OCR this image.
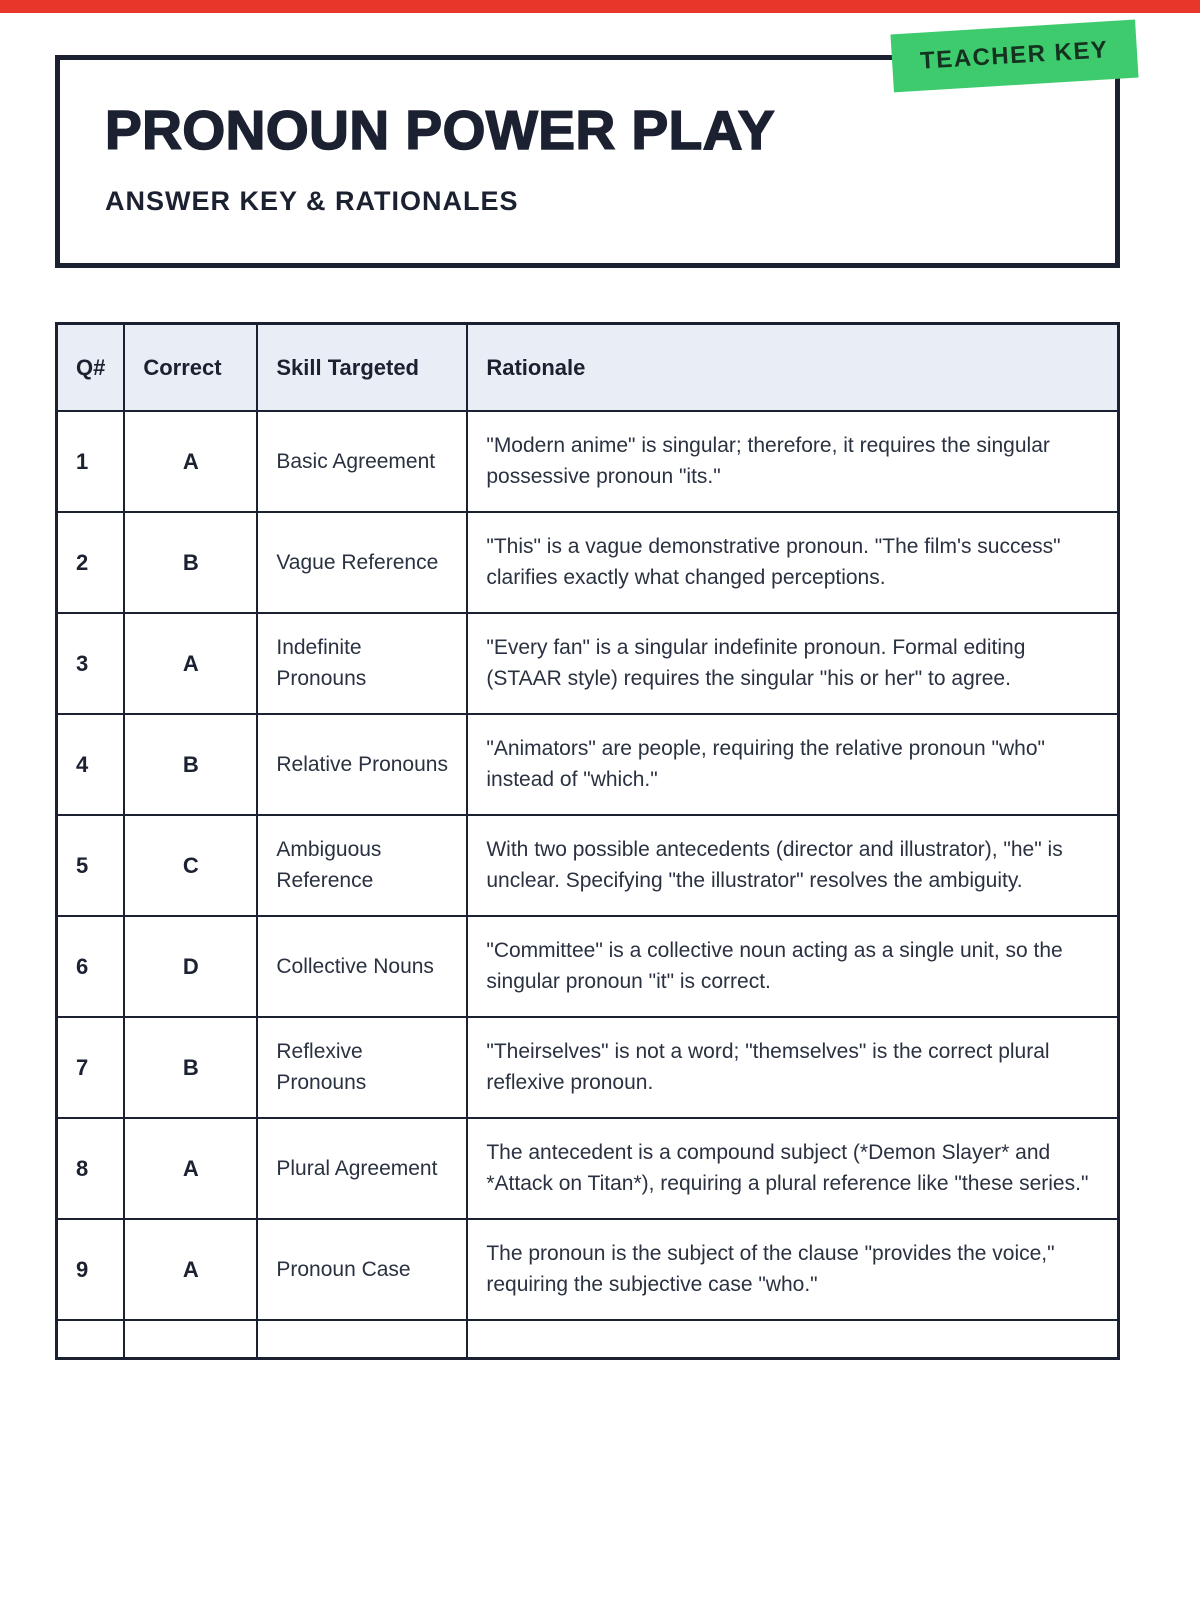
TEACHER KEY
PRONOUN POWER PLAY
ANSWER KEY & RATIONALES
Q#	Correct	Skill Targeted	Rationale
1	A	Basic Agreement	"Modern anime" is singular; therefore, it requires the singular possessive pronoun "its."
2	B	Vague Reference	"This" is a vague demonstrative pronoun. "The film's success" clarifies exactly what changed perceptions.
3	A	Indefinite Pronouns	"Every fan" is a singular indefinite pronoun. Formal editing (STAAR style) requires the singular "his or her" to agree.
4	B	Relative Pronouns	"Animators" are people, requiring the relative pronoun "who" instead of "which."
5	C	Ambiguous Reference	With two possible antecedents (director and illustrator), "he" is unclear. Specifying "the illustrator" resolves the ambiguity.
6	D	Collective Nouns	"Committee" is a collective noun acting as a single unit, so the singular pronoun "it" is correct.
7	B	Reflexive Pronouns	"Theirselves" is not a word; "themselves" is the correct plural reflexive pronoun.
8	A	Plural Agreement	The antecedent is a compound subject (*Demon Slayer* and *Attack on Titan*), requiring a plural reference like "these series."
9	A	Pronoun Case	The pronoun is the subject of the clause "provides the voice," requiring the subjective case "who."
